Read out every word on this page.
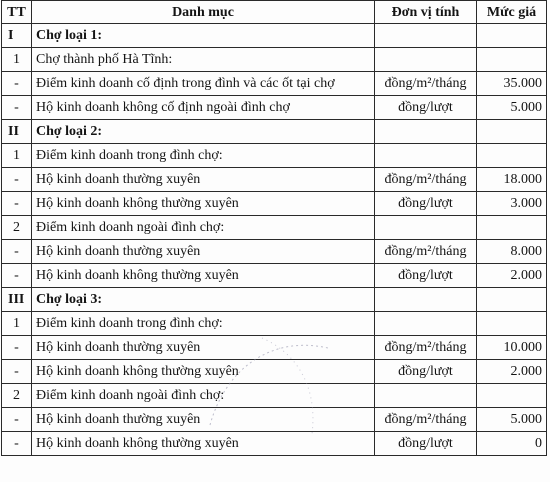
TT	Danh mục	Đơn vị tính	Mức giá
I	Chợ loại 1:		
1	Chợ thành phố Hà Tĩnh:		
-	Điểm kinh doanh cố định trong đình và các ốt tại chợ	đồng/m²/tháng	35.000
-	Hộ kinh doanh không cố định ngoài đình chợ	đồng/lượt	5.000
II	Chợ loại 2:		
1	Điểm kinh doanh trong đình chợ:		
-	Hộ kinh doanh thường xuyên	đồng/m²/tháng	18.000
-	Hộ kinh doanh không thường xuyên	đồng/lượt	3.000
2	Điểm kinh doanh ngoài đình chợ:		
-	Hộ kinh doanh thường xuyên	đồng/m²/tháng	8.000
-	Hộ kinh doanh không thường xuyên	đồng/lượt	2.000
III	Chợ loại 3:		
1	Điểm kinh doanh trong đình chợ:		
-	Hộ kinh doanh thường xuyên	đồng/m²/tháng	10.000
-	Hộ kinh doanh không thường xuyên	đồng/lượt	2.000
2	Điểm kinh doanh ngoài đình chợ:		
-	Hộ kinh doanh thường xuyên	đồng/m²/tháng	5.000
-	Hộ kinh doanh không thường xuyên	đồng/lượt	0
